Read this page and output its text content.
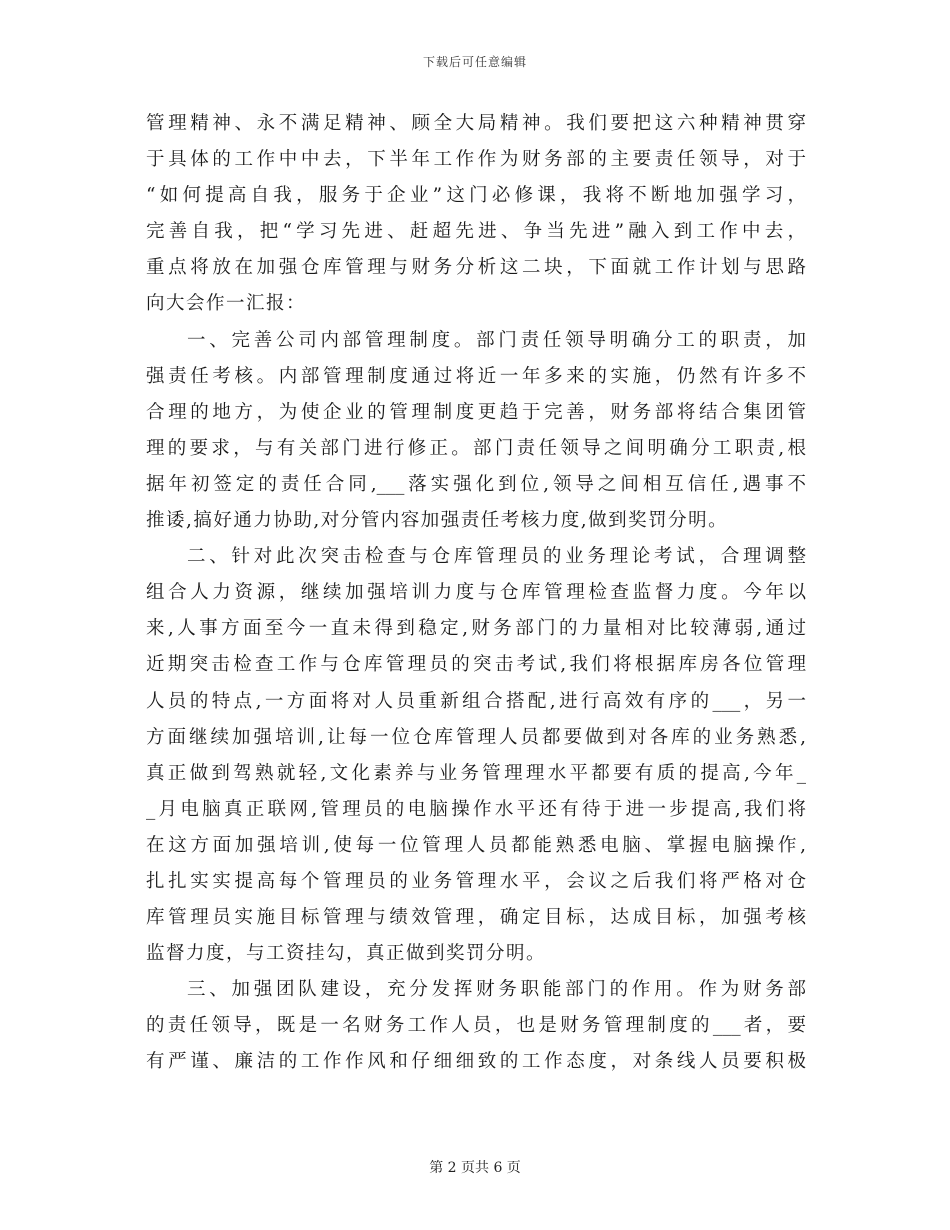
下载后可任意编辑
管理精神、永不满足精神、顾全大局精神。我们要把这六种精神贯穿
于具体的工作中中去，下半年工作作为财务部的主要责任领导，对于
“如何提高自我，服务于企业”这门必修课，我将不断地加强学习，
完善自我，把“学习先进、赶超先进、争当先进”融入到工作中去，
重点将放在加强仓库管理与财务分析这二块，下面就工作计划与思路
向大会作一汇报：
一、完善公司内部管理制度。部门责任领导明确分工的职责，加
强责任考核。内部管理制度通过将近一年多来的实施，仍然有许多不
合理的地方，为使企业的管理制度更趋于完善，财务部将结合集团管
理的要求，与有关部门进行修正。部门责任领导之间明确分工职责,根
据年初签定的责任合同,___落实强化到位,领导之间相互信任,遇事不
推诿,搞好通力协助,对分管内容加强责任考核力度,做到奖罚分明。
二、针对此次突击检查与仓库管理员的业务理论考试，合理调整
组合人力资源，继续加强培训力度与仓库管理检查监督力度。今年以
来,人事方面至今一直未得到稳定,财务部门的力量相对比较薄弱,通过
近期突击检查工作与仓库管理员的突击考试,我们将根据库房各位管理
人员的特点,一方面将对人员重新组合搭配,进行高效有序的___，另一
方面继续加强培训,让每一位仓库管理人员都要做到对各库的业务熟悉,
真正做到驾熟就轻,文化素养与业务管理理水平都要有质的提高,今年_
_月电脑真正联网,管理员的电脑操作水平还有待于进一步提高,我们将
在这方面加强培训,使每一位管理人员都能熟悉电脑、掌握电脑操作,
扎扎实实提高每个管理员的业务管理水平，会议之后我们将严格对仓
库管理员实施目标管理与绩效管理，确定目标，达成目标，加强考核
监督力度，与工资挂勾，真正做到奖罚分明。
三、加强团队建设，充分发挥财务职能部门的作用。作为财务部
的责任领导，既是一名财务工作人员，也是财务管理制度的___者，要
有严谨、廉洁的工作作风和仔细细致的工作态度，对条线人员要积极
第 2 页共 6 页
